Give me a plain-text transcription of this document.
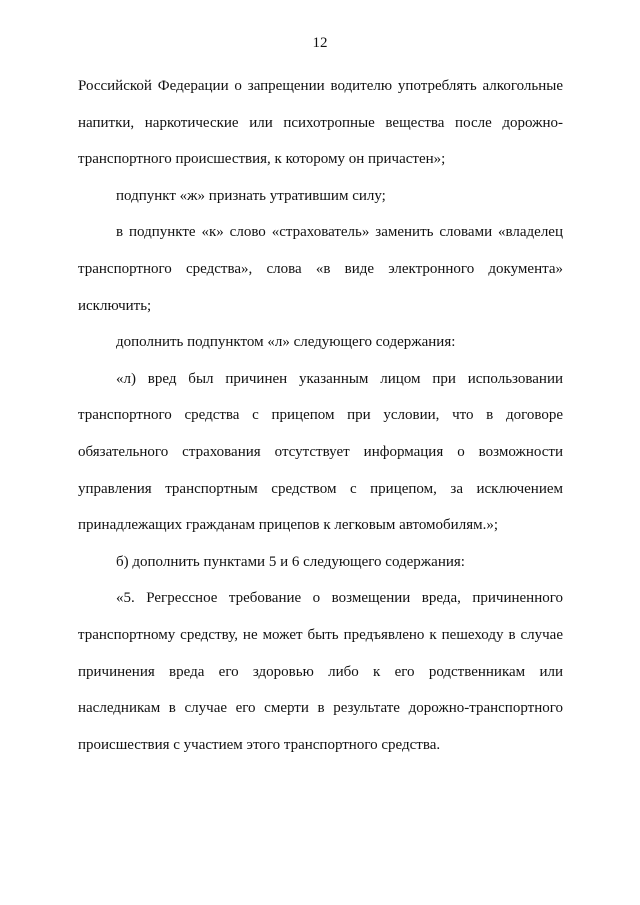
12

Российской Федерации о запрещении водителю употреблять алкогольные напитки, наркотические или психотропные вещества после дорожно-транспортного происшествия, к которому он причастен»;

подпункт «ж» признать утратившим силу;

в подпункте «к» слово «страхователь» заменить словами «владелец транспортного средства», слова «в виде электронного документа» исключить;

дополнить подпунктом «л» следующего содержания:

«л) вред был причинен указанным лицом при использовании транспортного средства с прицепом при условии, что в договоре обязательного страхования отсутствует информация о возможности управления транспортным средством с прицепом, за исключением принадлежащих гражданам прицепов к легковым автомобилям.»;

б) дополнить пунктами 5 и 6 следующего содержания:

«5. Регрессное требование о возмещении вреда, причиненного транспортному средству, не может быть предъявлено к пешеходу в случае причинения вреда его здоровью либо к его родственникам или наследникам в случае его смерти в результате дорожно-транспортного происшествия с участием этого транспортного средства.
